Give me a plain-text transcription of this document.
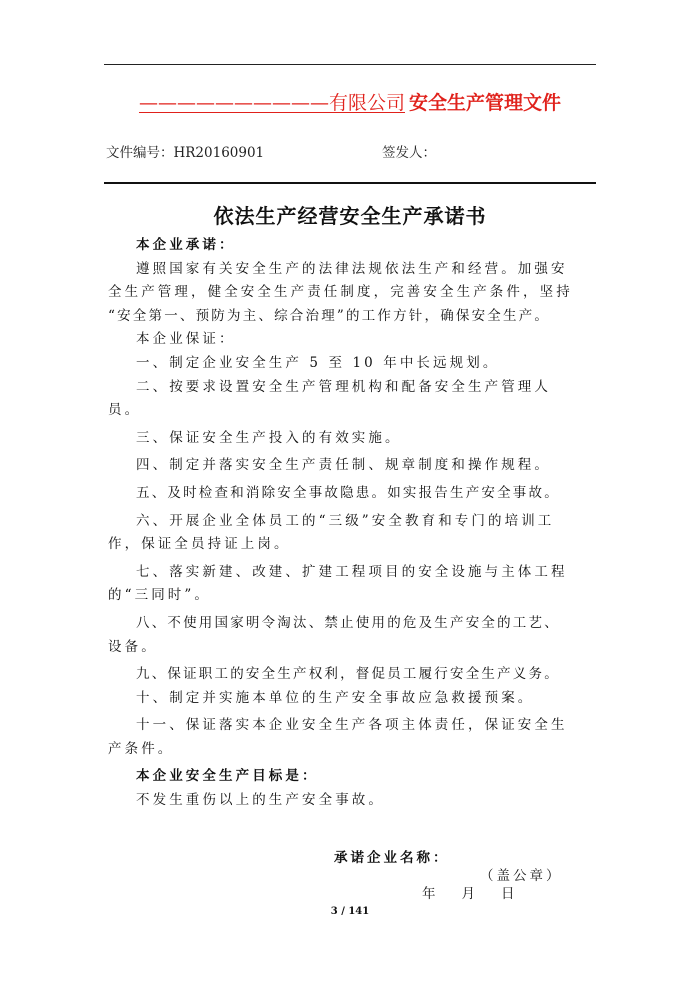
——————————有限公司 安全生产管理文件
文件编号：HR20160901	签发人：
依法生产经营安全生产承诺书
本企业承诺：
遵照国家有关安全生产的法律法规依法生产和经营。加强安
全生产管理，健全安全生产责任制度，完善安全生产条件，坚持
“安全第一、预防为主、综合治理”的工作方针，确保安全生产。
本企业保证：
一、制定企业安全生产 5 至 10 年中长远规划。
二、按要求设置安全生产管理机构和配备安全生产管理人
员。
三、保证安全生产投入的有效实施。
四、制定并落实安全生产责任制、规章制度和操作规程。
五、及时检查和消除安全事故隐患。如实报告生产安全事故。
六、开展企业全体员工的“三级”安全教育和专门的培训工
作，保证全员持证上岗。
七、落实新建、改建、扩建工程项目的安全设施与主体工程
的“三同时”。
八、不使用国家明令淘汰、禁止使用的危及生产安全的工艺、
设备。
九、保证职工的安全生产权利，督促员工履行安全生产义务。
十、制定并实施本单位的生产安全事故应急救援预案。
十一、保证落实本企业安全生产各项主体责任，保证安全生
产条件。
本企业安全生产目标是：
不发生重伤以上的生产安全事故。
承诺企业名称：
（盖公章）
年 月 日
3 / 141
